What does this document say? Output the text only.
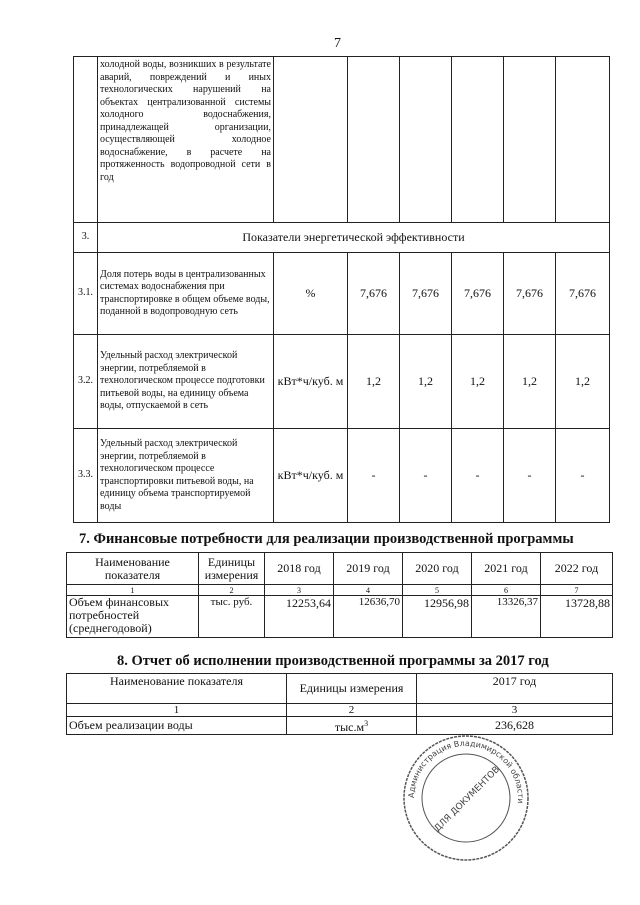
7
	холодной воды, возникших в результате аварий, повреждений и иных технологических нарушений на объектах централизованной системы холодного водоснабжения, принадлежащей организации, осуществляющей холодное водоснабжение, в расчете на протяженность водопроводной сети в год						
3.	Показатели энергетической эффективности						
3.1.	Доля потерь воды в централизованных системах водоснабжения при транспортировке в общем объеме воды, поданной в водопроводную сеть	%	7,676	7,676	7,676	7,676	7,676
3.2.	Удельный расход электрической энергии, потребляемой в технологическом процессе подготовки питьевой воды, на единицу объема воды, отпускаемой в сеть	кВт*ч/куб. м	1,2	1,2	1,2	1,2	1,2
3.3.	Удельный расход электрической энергии, потребляемой в технологическом процессе транспортировки питьевой воды, на единицу объема транспортируемой воды	кВт*ч/куб. м	-	-	-	-	-
7. Финансовые потребности для реализации производственной программы
Наименование показателя	Единицы измерения	2018 год	2019 год	2020 год	2021 год	2022 год
1	2	3	4	5	6	7
Объем финансовых потребностей (среднегодовой)	тыс. руб.	12253,64	12636,70	12956,98	13326,37	13728,88
8. Отчет об исполнении производственной программы за 2017 год
Наименование показателя	Единицы измерения	2017 год
1	2	3
Объем реализации воды	$тыс.м^3$	236,628
Администрация Владимирской области
ДЛЯ ДОКУМЕНТОВ
